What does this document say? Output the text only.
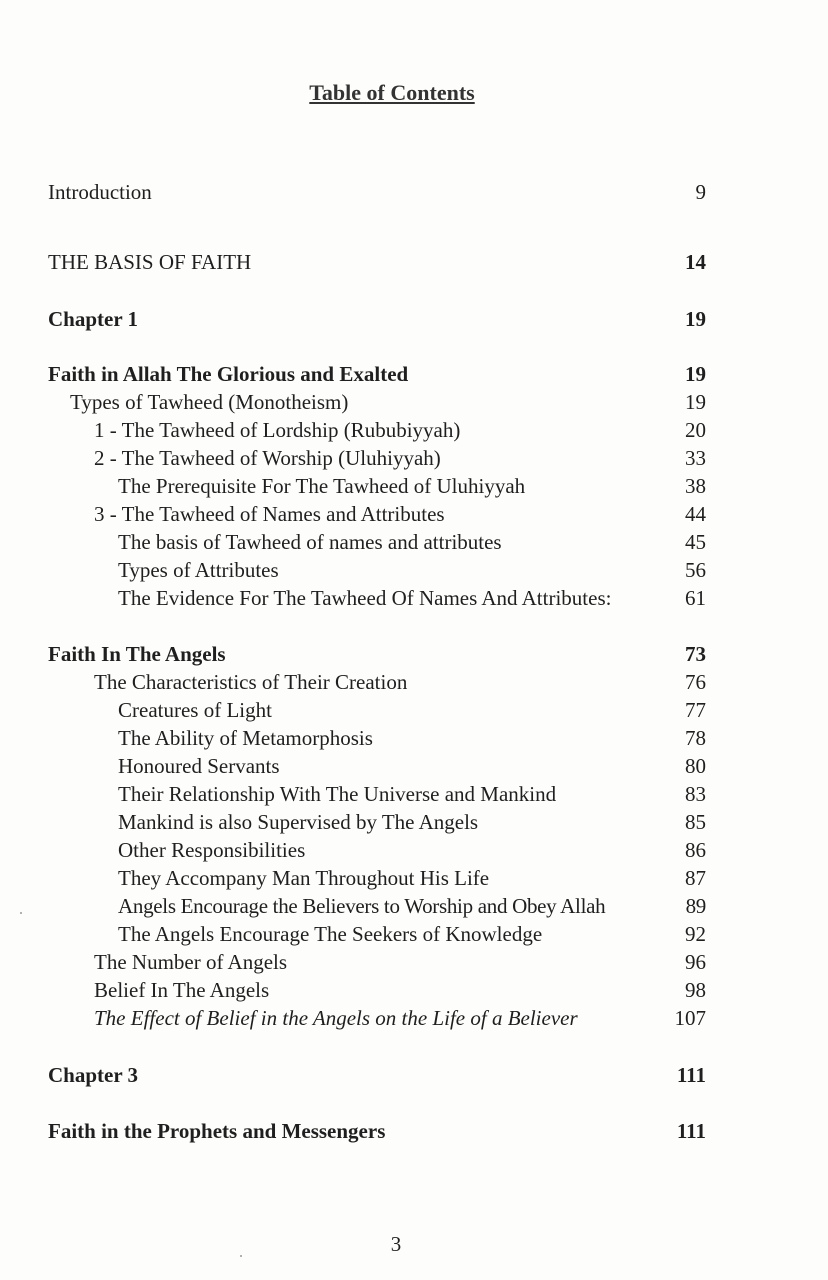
Table of Contents
Introduction	9
THE BASIS OF FAITH	14
Chapter 1	19
Faith in Allah The Glorious and Exalted	19
Types of Tawheed (Monotheism)	19
1 - The Tawheed of Lordship (Rububiyyah)	20
2 - The Tawheed of Worship (Uluhiyyah)	33
The Prerequisite For The Tawheed of Uluhiyyah	38
3 - The Tawheed of Names and Attributes	44
The basis of Tawheed of names and attributes	45
Types of Attributes	56
The Evidence For The Tawheed Of Names And Attributes:	61
Faith In The Angels	73
The Characteristics of Their Creation	76
Creatures of Light	77
The Ability of Metamorphosis	78
Honoured Servants	80
Their Relationship With The Universe and Mankind	83
Mankind is also Supervised by The Angels	85
Other Responsibilities	86
They Accompany Man Throughout His Life	87
Angels Encourage the Believers to Worship and Obey Allah	89
The Angels Encourage The Seekers of Knowledge	92
The Number of Angels	96
Belief In The Angels	98
The Effect of Belief in the Angels on the Life of a Believer	107
Chapter 3	111
Faith in the Prophets and Messengers	111
3
